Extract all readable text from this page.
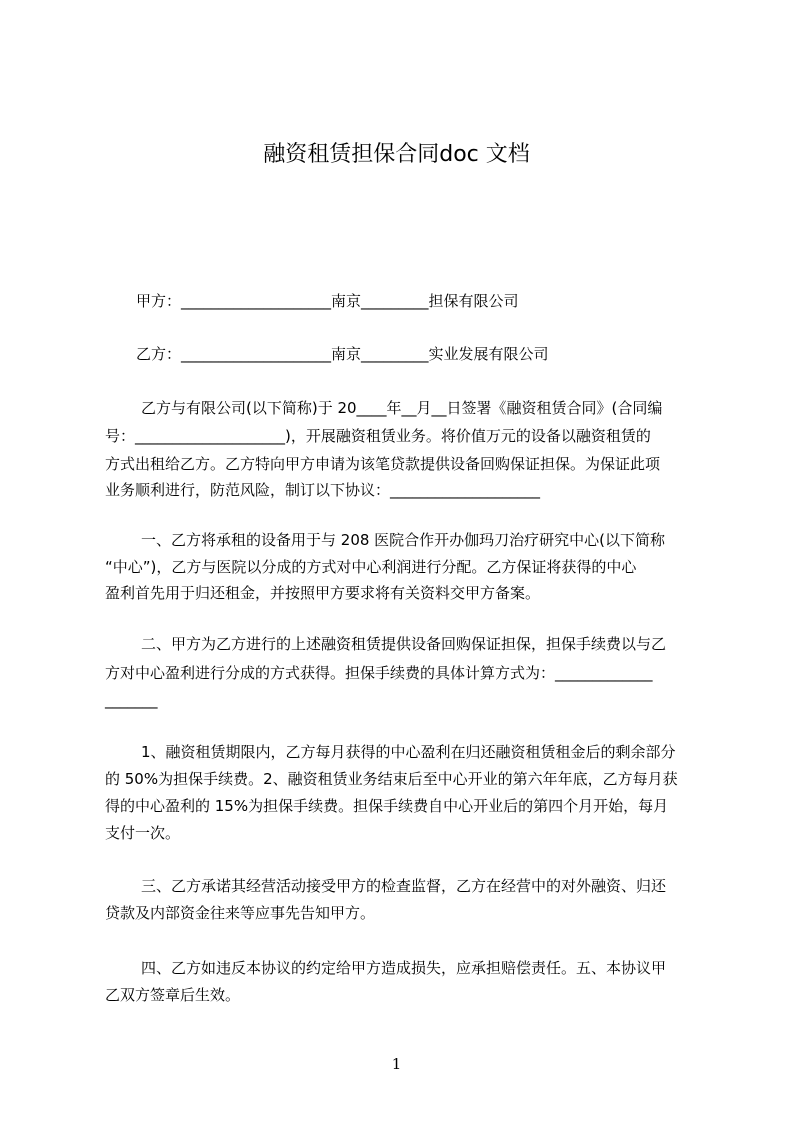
融资租赁担保合同doc 文档
甲方：____________________南京_________担保有限公司
乙方：____________________南京_________实业发展有限公司
乙方与有限公司(以下简称)于 20____年__月__日签署《融资租赁合同》(合同编
号：____________________)，开展融资租赁业务。将价值万元的设备以融资租赁的
方式出租给乙方。乙方特向甲方申请为该笔贷款提供设备回购保证担保。为保证此项
业务顺利进行，防范风险，制订以下协议：____________________
一、乙方将承租的设备用于与 208 医院合作开办伽玛刀治疗研究中心(以下简称
“中心”)，乙方与医院以分成的方式对中心利润进行分配。乙方保证将获得的中心
盈利首先用于归还租金，并按照甲方要求将有关资料交甲方备案。
二、甲方为乙方进行的上述融资租赁提供设备回购保证担保，担保手续费以与乙
方对中心盈利进行分成的方式获得。担保手续费的具体计算方式为：_____________
_______
1、融资租赁期限内，乙方每月获得的中心盈利在归还融资租赁租金后的剩余部分
的 50%为担保手续费。2、融资租赁业务结束后至中心开业的第六年年底，乙方每月获
得的中心盈利的 15%为担保手续费。担保手续费自中心开业后的第四个月开始，每月
支付一次。
三、乙方承诺其经营活动接受甲方的检查监督，乙方在经营中的对外融资、归还
贷款及内部资金往来等应事先告知甲方。
四、乙方如违反本协议的约定给甲方造成损失，应承担赔偿责任。五、本协议甲
乙双方签章后生效。
1
